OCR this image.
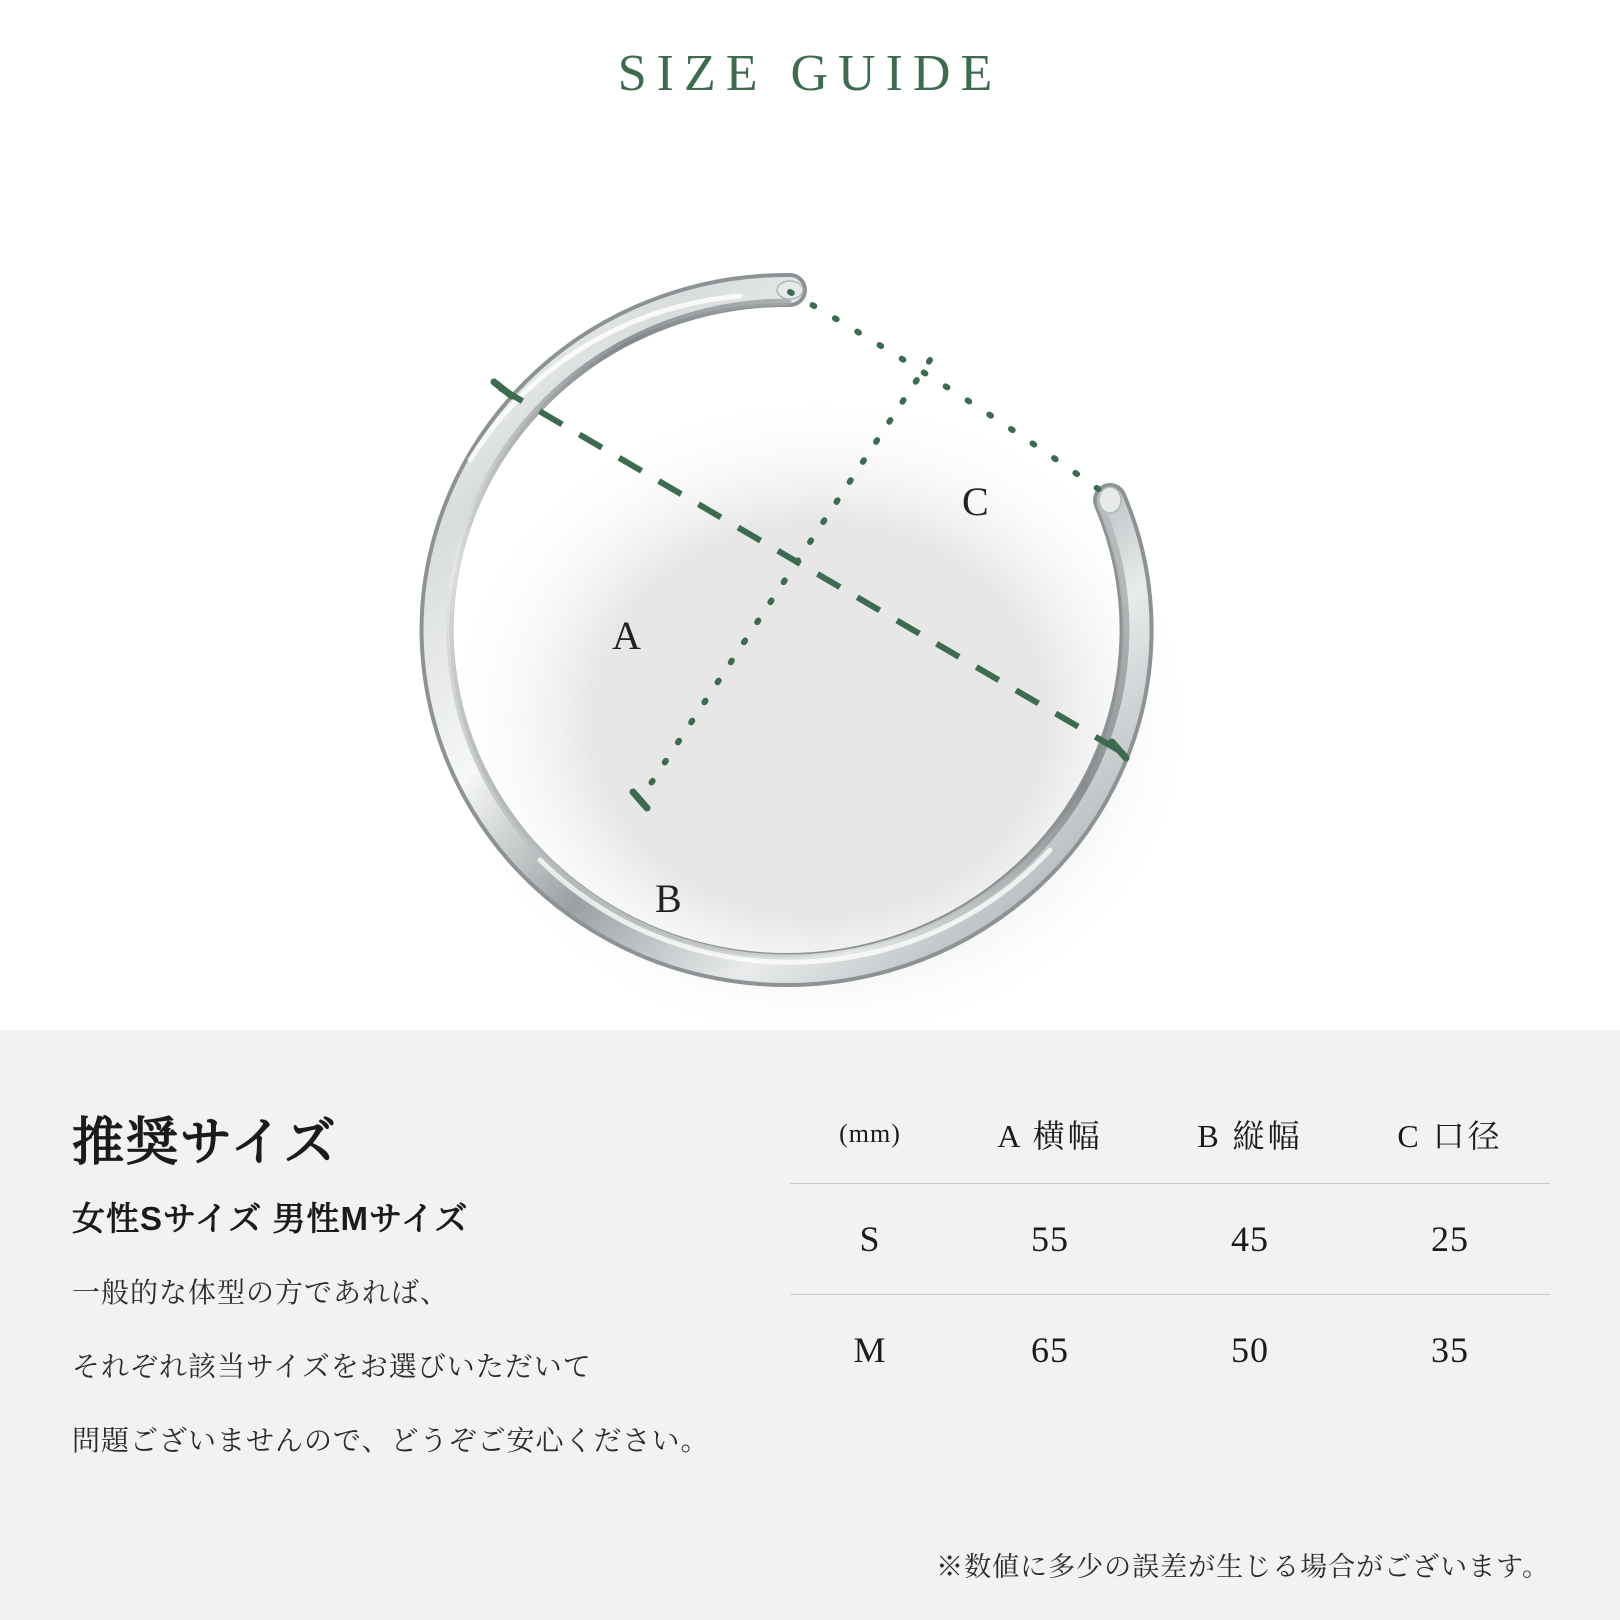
SIZE GUIDE
A
B
C
推奨サイズ
女性Sサイズ 男性Mサイズ

一般的な体型の方であれば、

それぞれ該当サイズをお選びいただいて

問題ございませんので、どうぞご安心ください。

(mm)	A 横幅	B 縦幅	C 口径
S	55	45	25
M	65	50	35
※数値に多少の誤差が生じる場合がございます。
